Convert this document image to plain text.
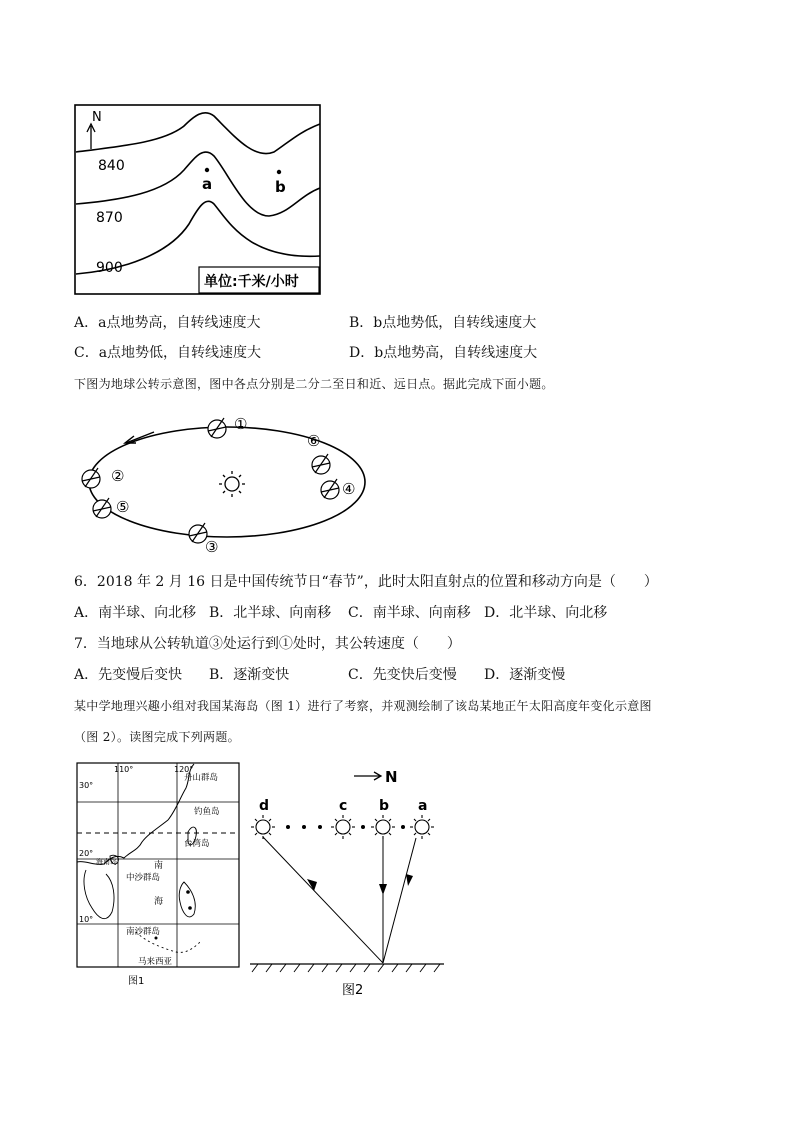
N
840
870
900
a	b
单位:千米/小时
A．a点地势高，自转线速度大	B．b点地势低，自转线速度大
C．a点地势低，自转线速度大	D．b点地势高，自转线速度大
下图为地球公转示意图，图中各点分别是二分二至日和近、远日点。据此完成下面小题。
①
②
③
④
⑤
⑥
6．2018 年 2 月 16 日是中国传统节日“春节”，此时太阳直射点的位置和移动方向是（　　）
A．南半球、向北移 B．北半球、向南移 C．南半球、向南移 D．北半球、向北移
7．当地球从公转轨道③处运行到①处时，其公转速度（　　）
A．先变慢后变快 B．逐渐变快	C．先变快后变慢 D．逐渐变慢
某中学地理兴趣小组对我国某海岛（图 1）进行了考察，并观测绘制了该岛某地正午太阳高度年变化示意图
（图 2）。读图完成下列两题。
110°	120°
30°
20°
10°
舟山群岛
钓鱼岛
台湾岛
海南岛	南
中沙群岛
海
南沙群岛
马来西亚
图1
N
d	c b a
图2
